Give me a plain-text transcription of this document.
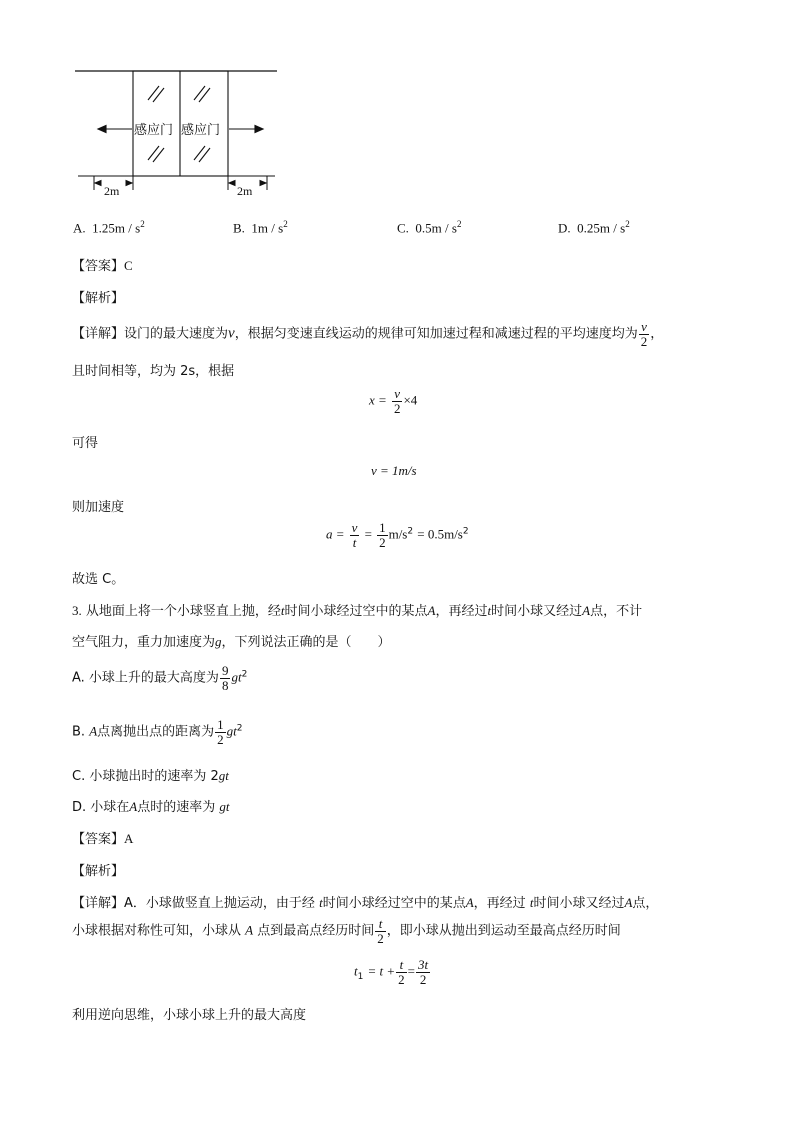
感应门 感应门
2m	2m
A. $1.25m / s^2$	B. $1m / s^2$	C. $0.5m / s^2$	D. $0.25m / s^2$
【答案】C
【解析】
【详解】设门的最大速度为v，根据匀变速直线运动的规律可知加速过程和减速过程的平均速度均为 $\frac{v}{2}$ ，
且时间相等，均为 2s，根据
$x = \frac{v}{2} \times 4$
可得
v = 1m/s
则加速度
$a = \frac{v}{t} = \frac{1}{2} m/s^2 = 0.5m/s^2$
故选 C。
3. 从地面上将一个小球竖直上抛，经t时间小球经过空中的某点A，再经过t时间小球又经过A点，不计
空气阻力，重力加速度为g，下列说法正确的是（　　）
A. 小球上升的最大高度为 $\frac{9}{8} gt^2$
B. A点离抛出点的距离为 $\frac{1}{2} gt^2$
C. 小球抛出时的速率为 2gt
D. 小球在A点时的速率为 gt
【答案】A
【解析】
【详解】A．小球做竖直上抛运动，由于经 t时间小球经过空中的某点A，再经过 t时间小球又经过A点，
小球根据对称性可知，小球从 A 点到最高点经历时间 $\frac{t}{2}$ ，即小球从抛出到运动至最高点经历时间
$t_1 = t + \frac{t}{2} = \frac{3t}{2}$
利用逆向思维，小球小球上升的最大高度
